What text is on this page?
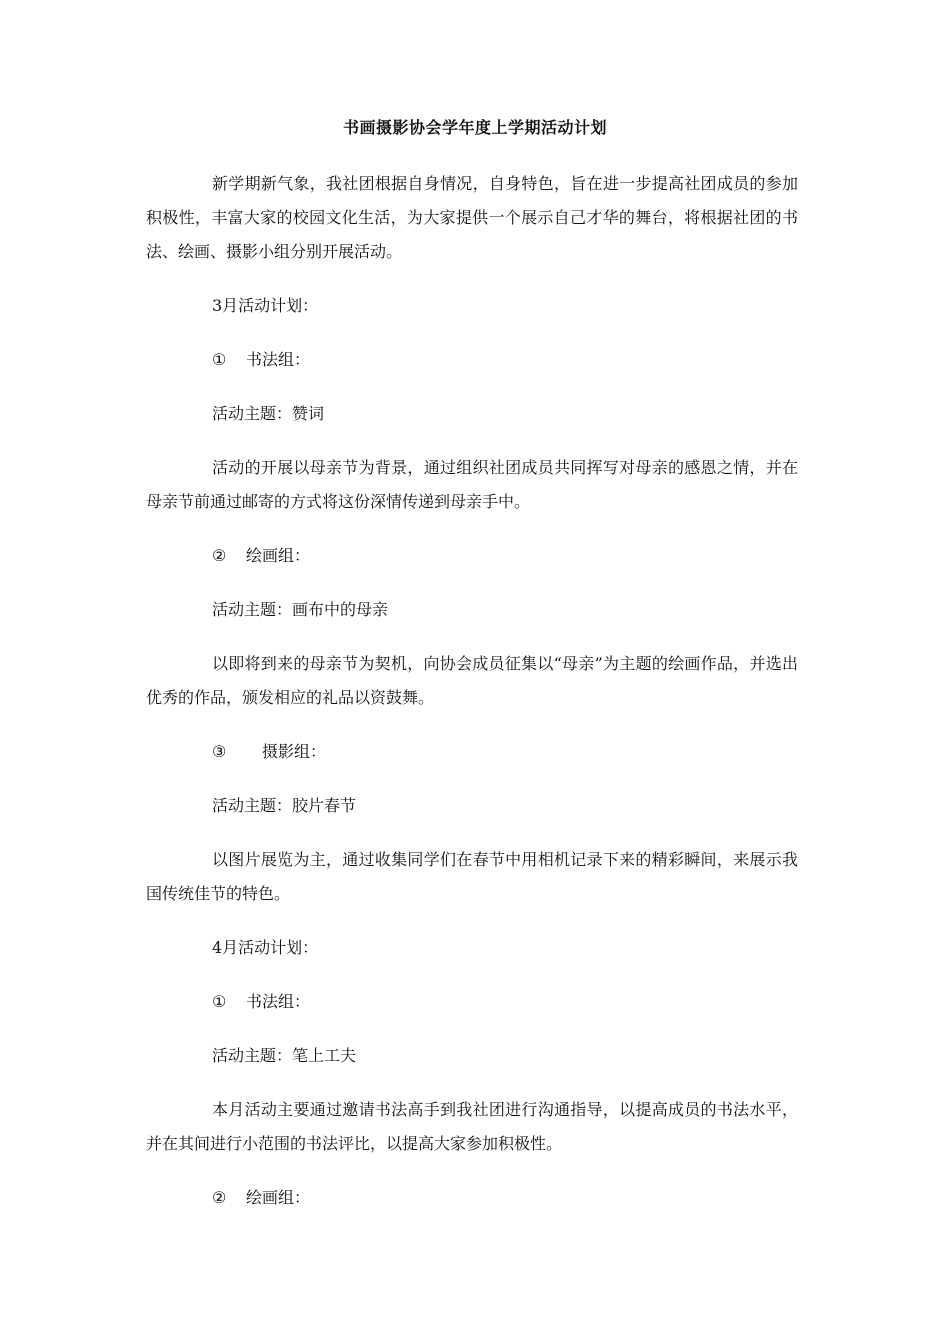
书画摄影协会学年度上学期活动计划

新学期新气象，我社团根据自身情况，自身特色，旨在进一步提高社团成员的参加积极性，丰富大家的校园文化生活，为大家提供一个展示自己才华的舞台，将根据社团的书法、绘画、摄影小组分别开展活动。

3月活动计划：

① 书法组：

活动主题：赞词

活动的开展以母亲节为背景，通过组织社团成员共同挥写对母亲的感恩之情，并在母亲节前通过邮寄的方式将这份深情传递到母亲手中。

② 绘画组：

活动主题：画布中的母亲

以即将到来的母亲节为契机，向协会成员征集以“母亲”为主题的绘画作品，并选出优秀的作品，颁发相应的礼品以资鼓舞。

③ 摄影组：

活动主题：胶片春节

以图片展览为主，通过收集同学们在春节中用相机记录下来的精彩瞬间，来展示我国传统佳节的特色。

4月活动计划：

① 书法组：

活动主题：笔上工夫

本月活动主要通过邀请书法高手到我社团进行沟通指导，以提高成员的书法水平，并在其间进行小范围的书法评比，以提高大家参加积极性。

② 绘画组：
